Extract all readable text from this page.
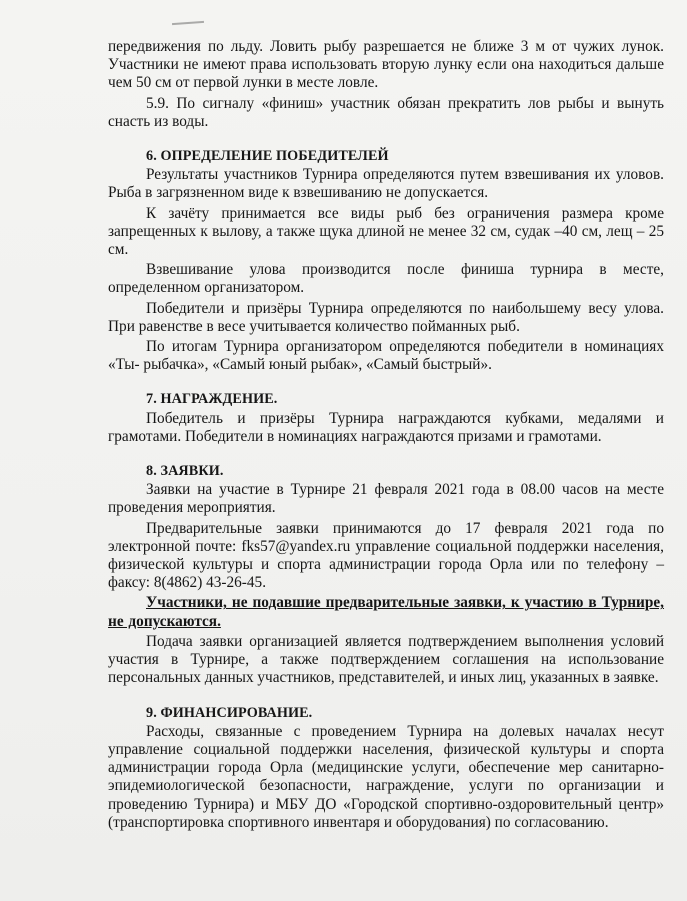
передвижения по льду. Ловить рыбу разрешается не ближе 3 м от чужих лунок. Участники не имеют права использовать вторую лунку если она находиться дальше чем 50 см от первой лунки в месте ловле.

5.9. По сигналу «финиш» участник обязан прекратить лов рыбы и вынуть снасть из воды.

6. ОПРЕДЕЛЕНИЕ ПОБЕДИТЕЛЕЙ

Результаты участников Турнира определяются путем взвешивания их уловов. Рыба в загрязненном виде к взвешиванию не допускается.

К зачёту принимается все виды рыб без ограничения размера кроме запрещенных к вылову, а также щука длиной не менее 32 см, судак –40 см, лещ – 25 см.

Взвешивание улова производится после финиша турнира в месте, определенном организатором.

Победители и призёры Турнира определяются по наибольшему весу улова. При равенстве в весе учитывается количество пойманных рыб.

По итогам Турнира организатором определяются победители в номинациях «Ты- рыбачка», «Самый юный рыбак», «Самый быстрый».

7. НАГРАЖДЕНИЕ.

Победитель и призёры Турнира награждаются кубками, медалями и грамотами. Победители в номинациях награждаются призами и грамотами.

8. ЗАЯВКИ.

Заявки на участие в Турнире 21 февраля 2021 года в 08.00 часов на месте проведения мероприятия.

Предварительные заявки принимаются до 17 февраля 2021 года по электронной почте: fks57@yandex.ru управление социальной поддержки населения, физической культуры и спорта администрации города Орла или по телефону – факсу: 8(4862) 43-26-45.

Участники, не подавшие предварительные заявки, к участию в Турнире, не допускаются.

Подача заявки организацией является подтверждением выполнения условий участия в Турнире, а также подтверждением соглашения на использование персональных данных участников, представителей, и иных лиц, указанных в заявке.

9. ФИНАНСИРОВАНИЕ.

Расходы, связанные с проведением Турнира на долевых началах несут управление социальной поддержки населения, физической культуры и спорта администрации города Орла (медицинские услуги, обеспечение мер санитарно-эпидемиологической безопасности, награждение, услуги по организации и проведению Турнира) и МБУ ДО «Городской спортивно-оздоровительный центр» (транспортировка спортивного инвентаря и оборудования) по согласованию.
